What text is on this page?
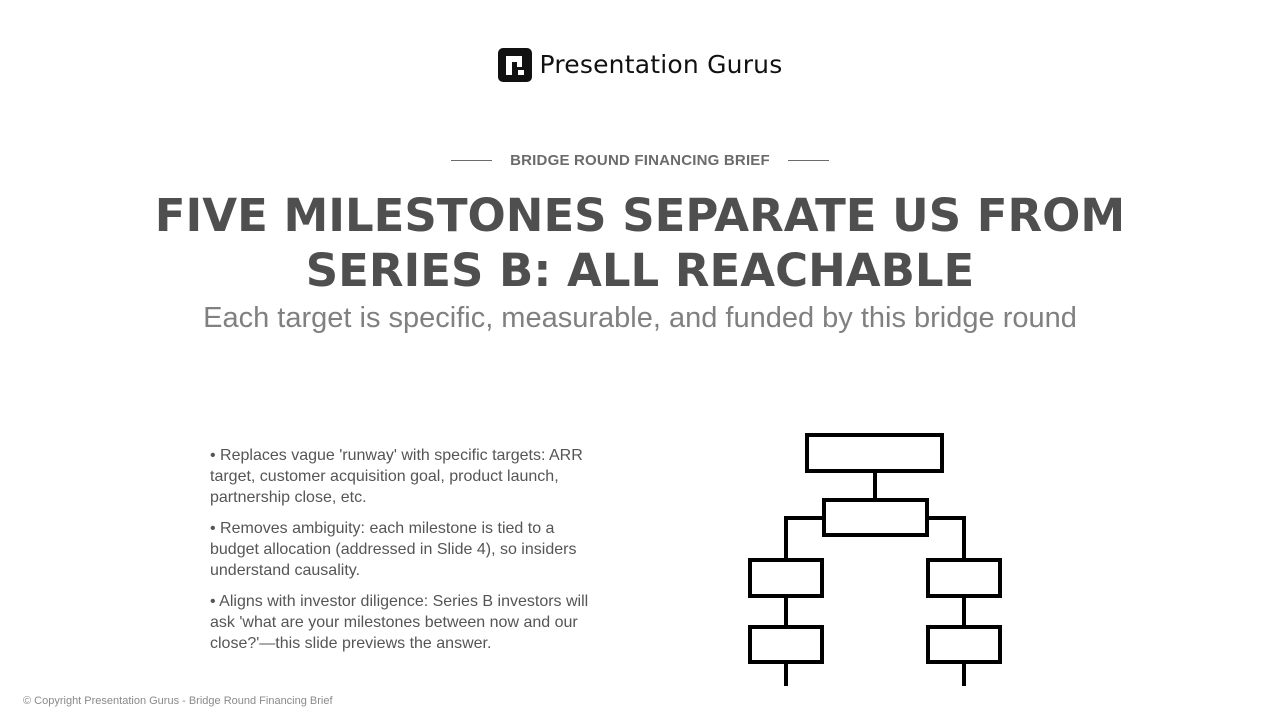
Presentation Gurus
BRIDGE ROUND FINANCING BRIEF
FIVE MILESTONES SEPARATE US FROM SERIES B: ALL REACHABLE
Each target is specific, measurable, and funded by this bridge round
• Replaces vague 'runway' with specific targets: ARR target, customer acquisition goal, product launch, partnership close, etc.
• Removes ambiguity: each milestone is tied to a budget allocation (addressed in Slide 4), so insiders understand causality.
• Aligns with investor diligence: Series B investors will ask 'what are your milestones between now and our close?'—this slide previews the answer.
© Copyright Presentation Gurus - Bridge Round Financing Brief
